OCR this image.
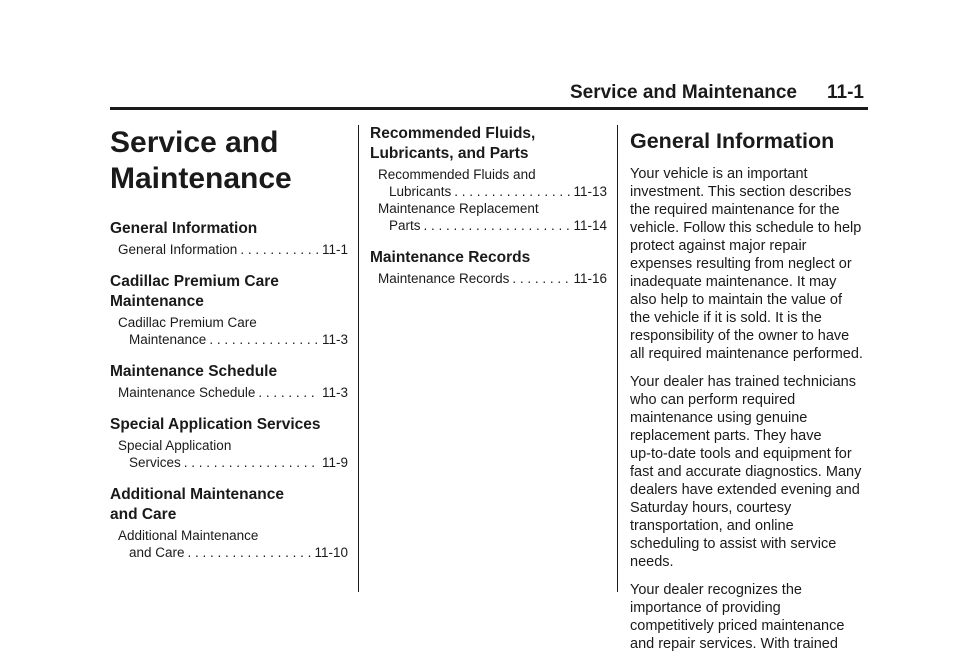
Service and Maintenance 11-1
Service and
Maintenance
General Information
General Information . . .	11-1
Cadillac Premium Care
Maintenance
Cadillac Premium Care
Maintenance . . .	11-3
Maintenance Schedule
Maintenance Schedule . . .	11-3
Special Application Services
Special Application
Services . . .	11-9
Additional Maintenance
and Care
Additional Maintenance
and Care . . .	11-10
Recommended Fluids,
Lubricants, and Parts
Recommended Fluids and
Lubricants . . .	11-13
Maintenance Replacement
Parts . . .	11-14
Maintenance Records
Maintenance Records . . .	11-16
General Information
Your vehicle is an important
investment. This section describes
the required maintenance for the
vehicle. Follow this schedule to help
protect against major repair
expenses resulting from neglect or
inadequate maintenance. It may
also help to maintain the value of
the vehicle if it is sold. It is the
responsibility of the owner to have
all required maintenance performed.
Your dealer has trained technicians
who can perform required
maintenance using genuine
replacement parts. They have
up-to-date tools and equipment for
fast and accurate diagnostics. Many
dealers have extended evening and
Saturday hours, courtesy
transportation, and online
scheduling to assist with service
needs.
Your dealer recognizes the
importance of providing
competitively priced maintenance
and repair services. With trained
